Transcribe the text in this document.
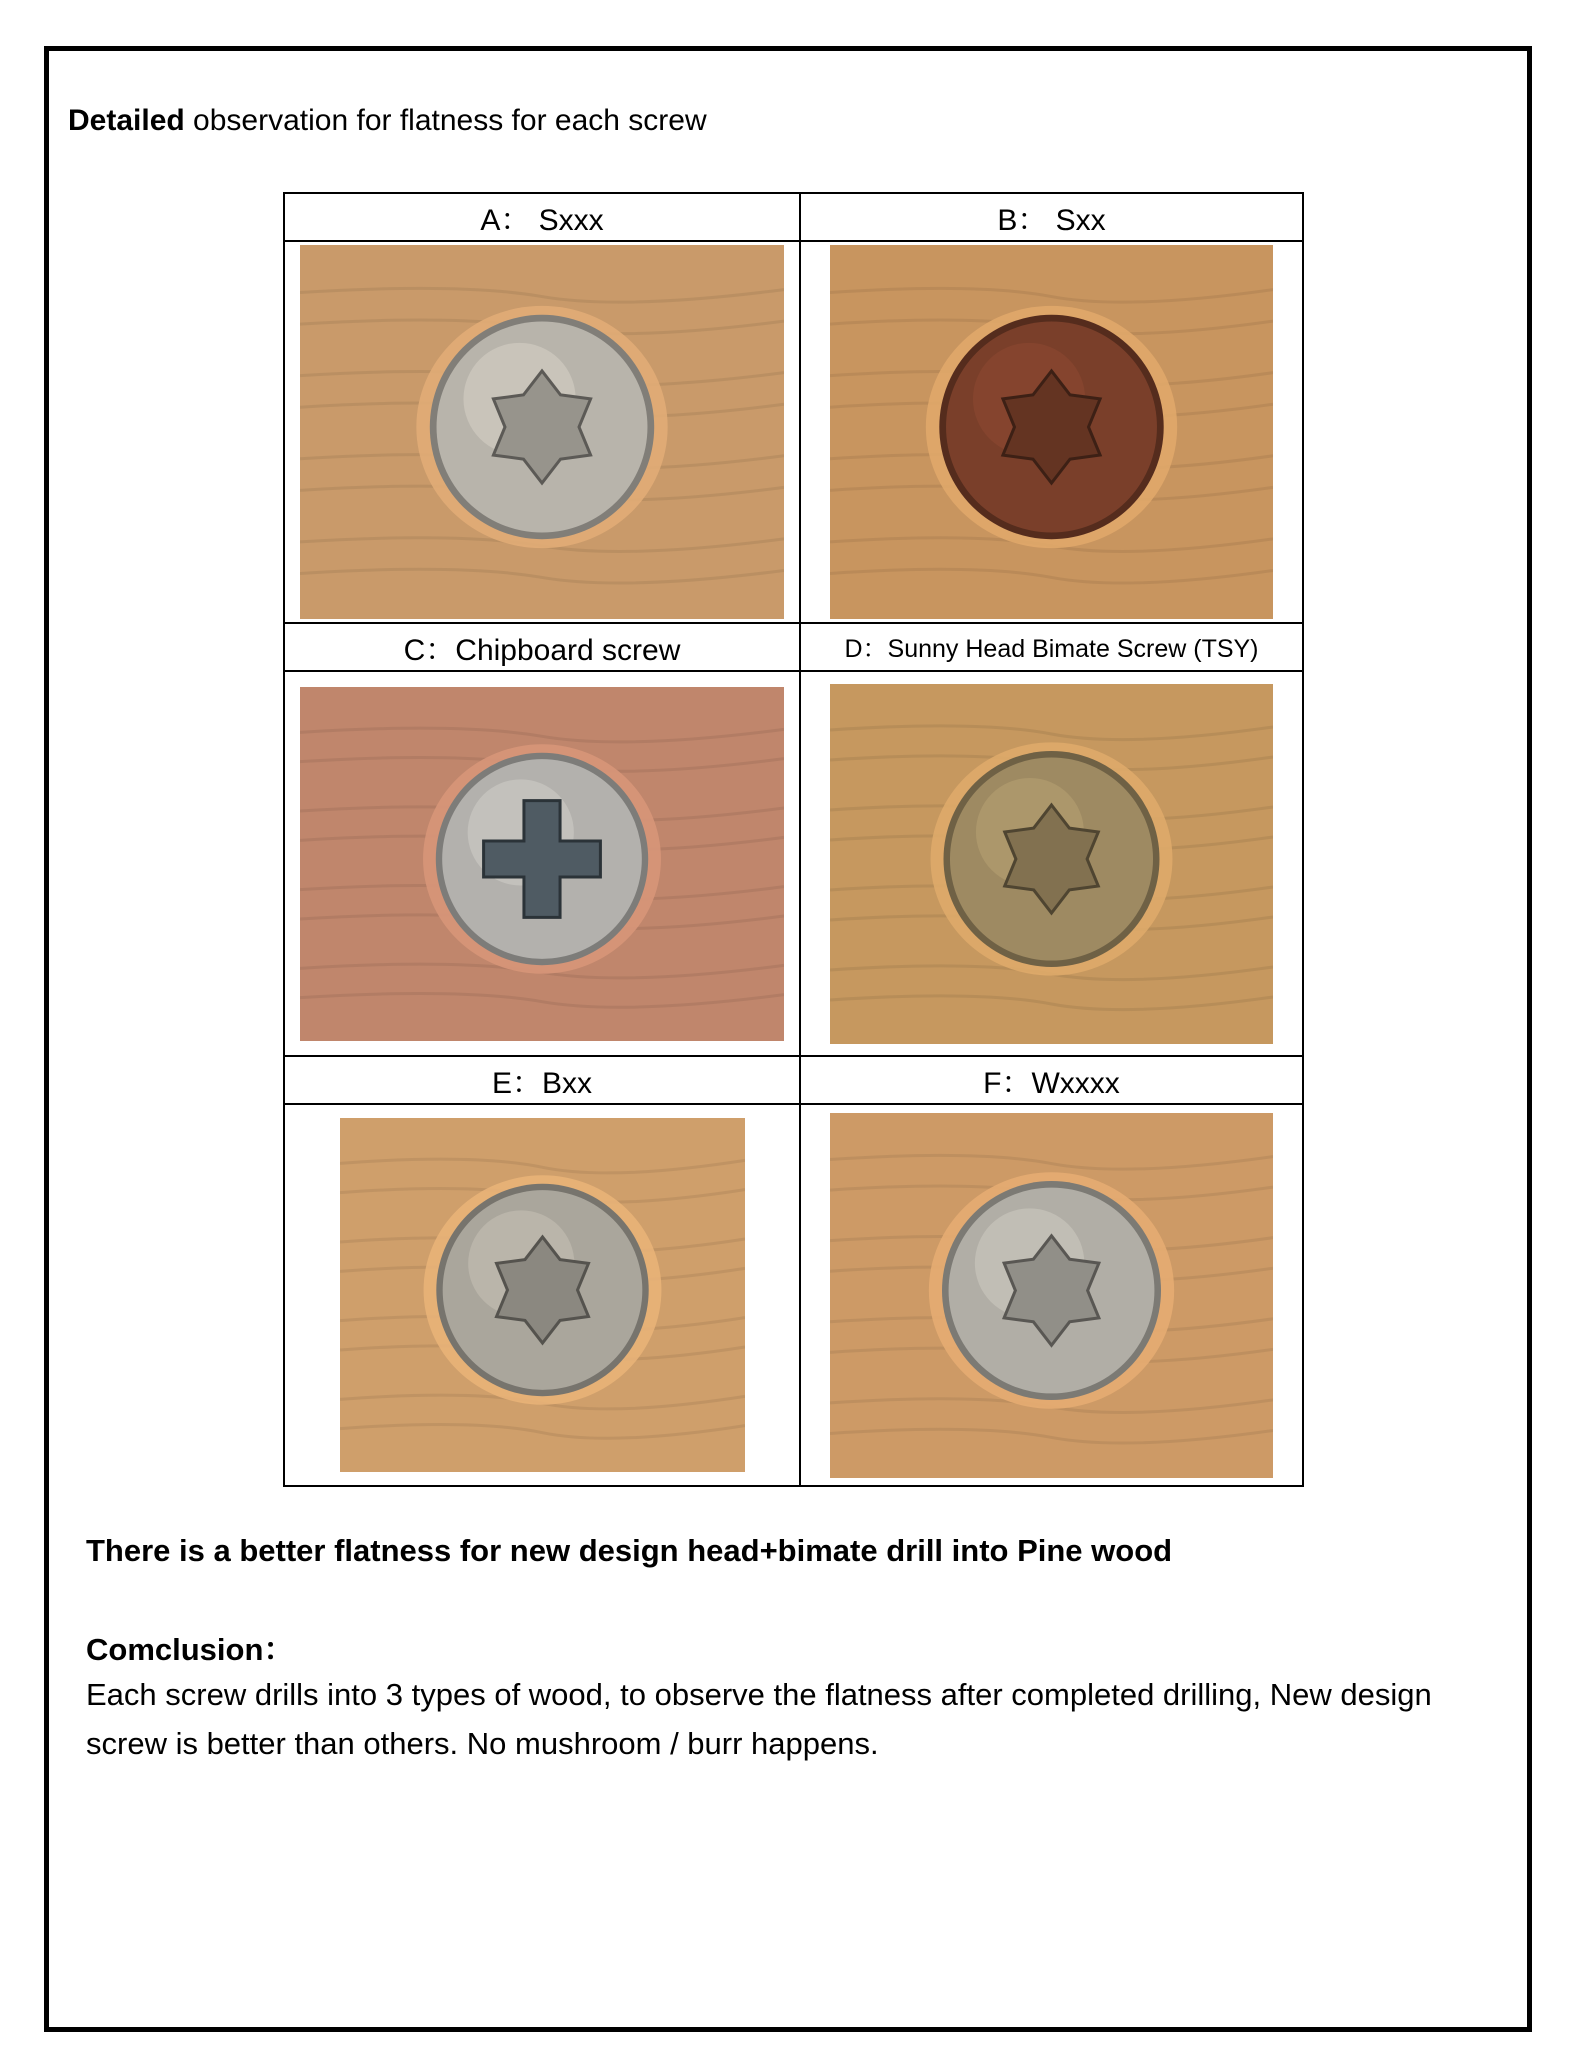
Detailed observation for flatness for each screw
A： Sxxx	B： Sxx

C：Chipboard screw	D：Sunny Head Bimate Screw (TSY)

E：Bxx	F：Wxxxx

There is a better flatness for new design head+bimate drill into Pine wood
Comclusion：
Each screw drills into 3 types of wood, to observe the flatness after completed drilling, New design screw is better than others. No mushroom / burr happens.
